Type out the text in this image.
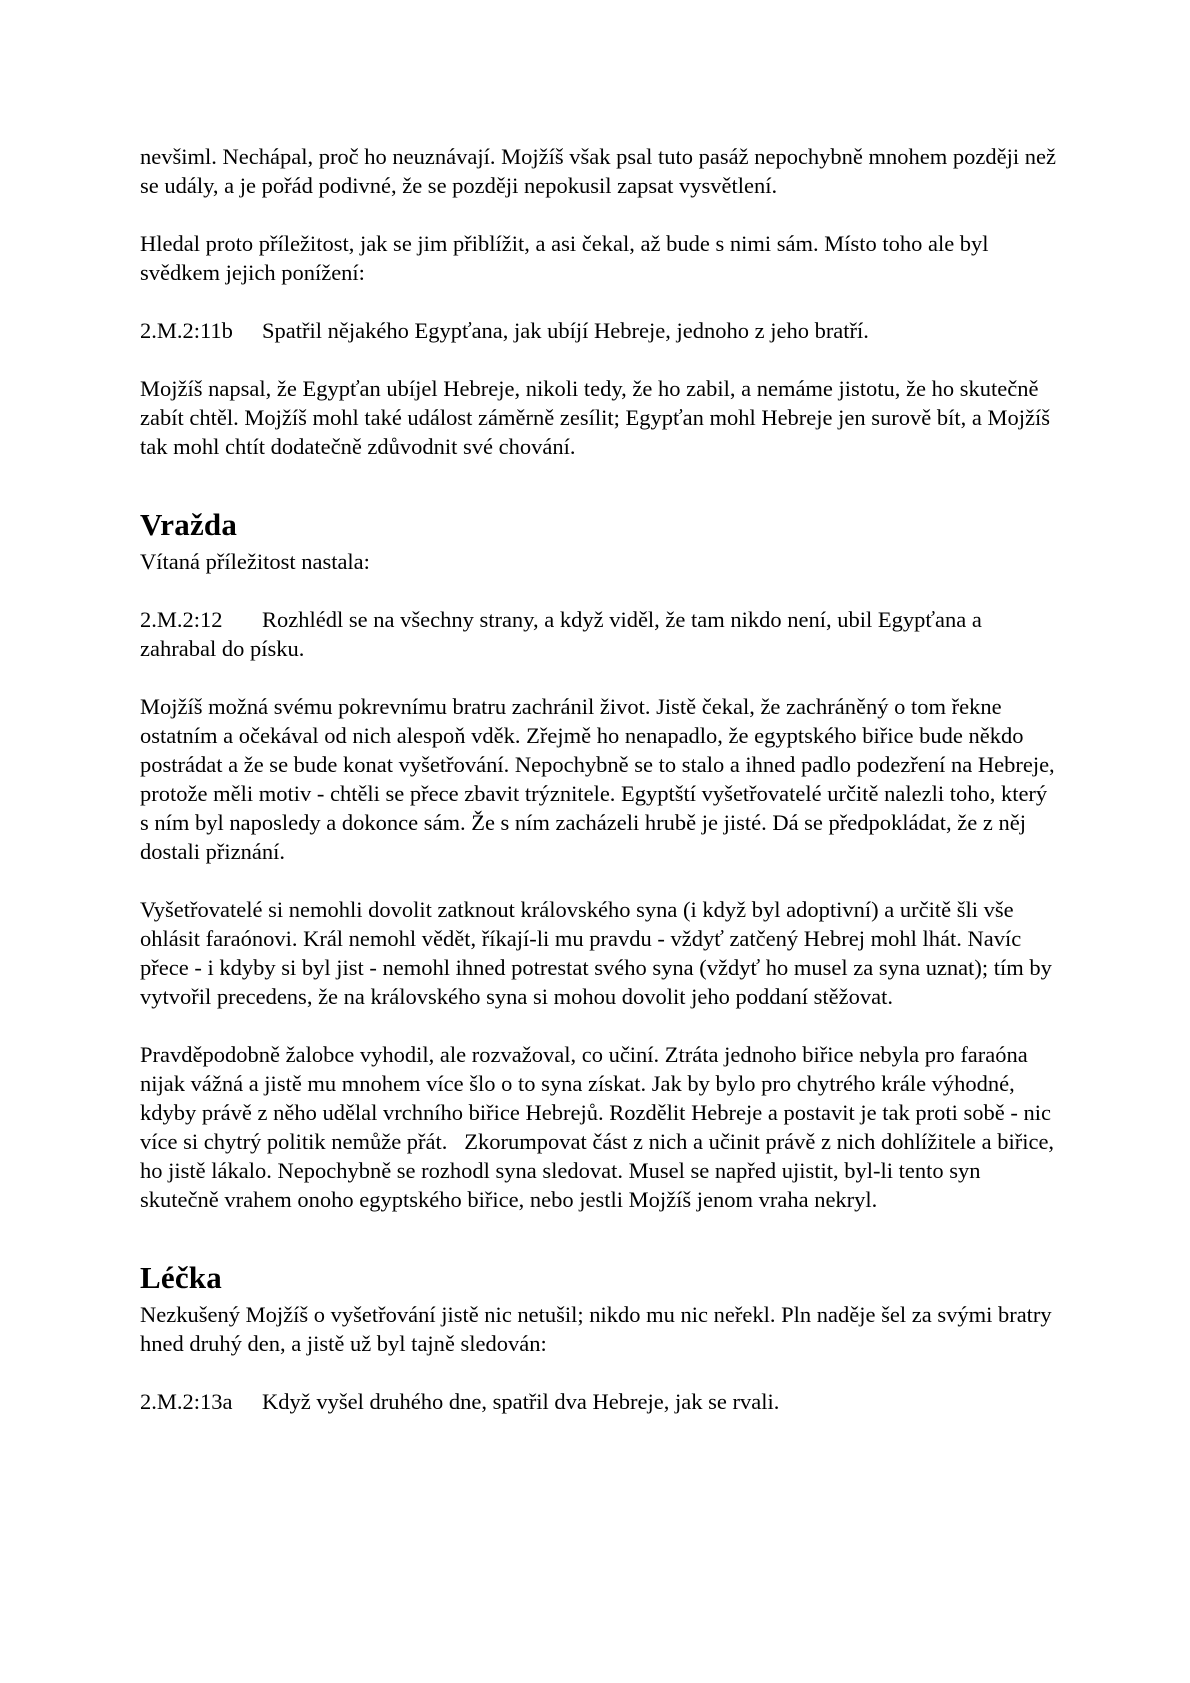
nevšiml. Nechápal, proč ho neuznávají. Mojžíš však psal tuto pasáž nepochybně mnohem později než se udály, a je pořád podivné, že se později nepokusil zapsat vysvětlení.

Hledal proto příležitost, jak se jim přiblížit, a asi čekal, až bude s nimi sám. Místo toho ale byl svědkem jejich ponížení:

2.M.2:11b Spatřil nějakého Egypťana, jak ubíjí Hebreje, jednoho z jeho bratří.

Mojžíš napsal, že Egypťan ubíjel Hebreje, nikoli tedy, že ho zabil, a nemáme jistotu, že ho skutečně zabít chtěl. Mojžíš mohl také událost záměrně zesílit; Egypťan mohl Hebreje jen surově bít, a Mojžíš tak mohl chtít dodatečně zdůvodnit své chování.

Vražda

Vítaná příležitost nastala:

2.M.2:12 Rozhlédl se na všechny strany, a když viděl, že tam nikdo není, ubil Egypťana a zahrabal do písku.

Mojžíš možná svému pokrevnímu bratru zachránil život. Jistě čekal, že zachráněný o tom řekne ostatním a očekával od nich alespoň vděk. Zřejmě ho nenapadlo, že egyptského biřice bude někdo postrádat a že se bude konat vyšetřování. Nepochybně se to stalo a ihned padlo podezření na Hebreje, protože měli motiv - chtěli se přece zbavit trýznitele. Egyptští vyšetřovatelé určitě nalezli toho, který s ním byl naposledy a dokonce sám. Že s ním zacházeli hrubě je jisté. Dá se předpokládat, že z něj dostali přiznání.

Vyšetřovatelé si nemohli dovolit zatknout královského syna (i když byl adoptivní) a určitě šli vše ohlásit faraónovi. Král nemohl vědět, říkají-li mu pravdu - vždyť zatčený Hebrej mohl lhát. Navíc přece - i kdyby si byl jist - nemohl ihned potrestat svého syna (vždyť ho musel za syna uznat); tím by vytvořil precedens, že na královského syna si mohou dovolit jeho poddaní stěžovat.

Pravděpodobně žalobce vyhodil, ale rozvažoval, co učiní. Ztráta jednoho biřice nebyla pro faraóna nijak vážná a jistě mu mnohem více šlo o to syna získat. Jak by bylo pro chytrého krále výhodné, kdyby právě z něho udělal vrchního biřice Hebrejů. Rozdělit Hebreje a postavit je tak proti sobě - nic více si chytrý politik nemůže přát.   Zkorumpovat část z nich a učinit právě z nich dohlížitele a biřice, ho jistě lákalo. Nepochybně se rozhodl syna sledovat. Musel se napřed ujistit, byl-li tento syn skutečně vrahem onoho egyptského biřice, nebo jestli Mojžíš jenom vraha nekryl.

Léčka

Nezkušený Mojžíš o vyšetřování jistě nic netušil; nikdo mu nic neřekl. Pln naděje šel za svými bratry hned druhý den, a jistě už byl tajně sledován:

2.M.2:13a Když vyšel druhého dne, spatřil dva Hebreje, jak se rvali.
